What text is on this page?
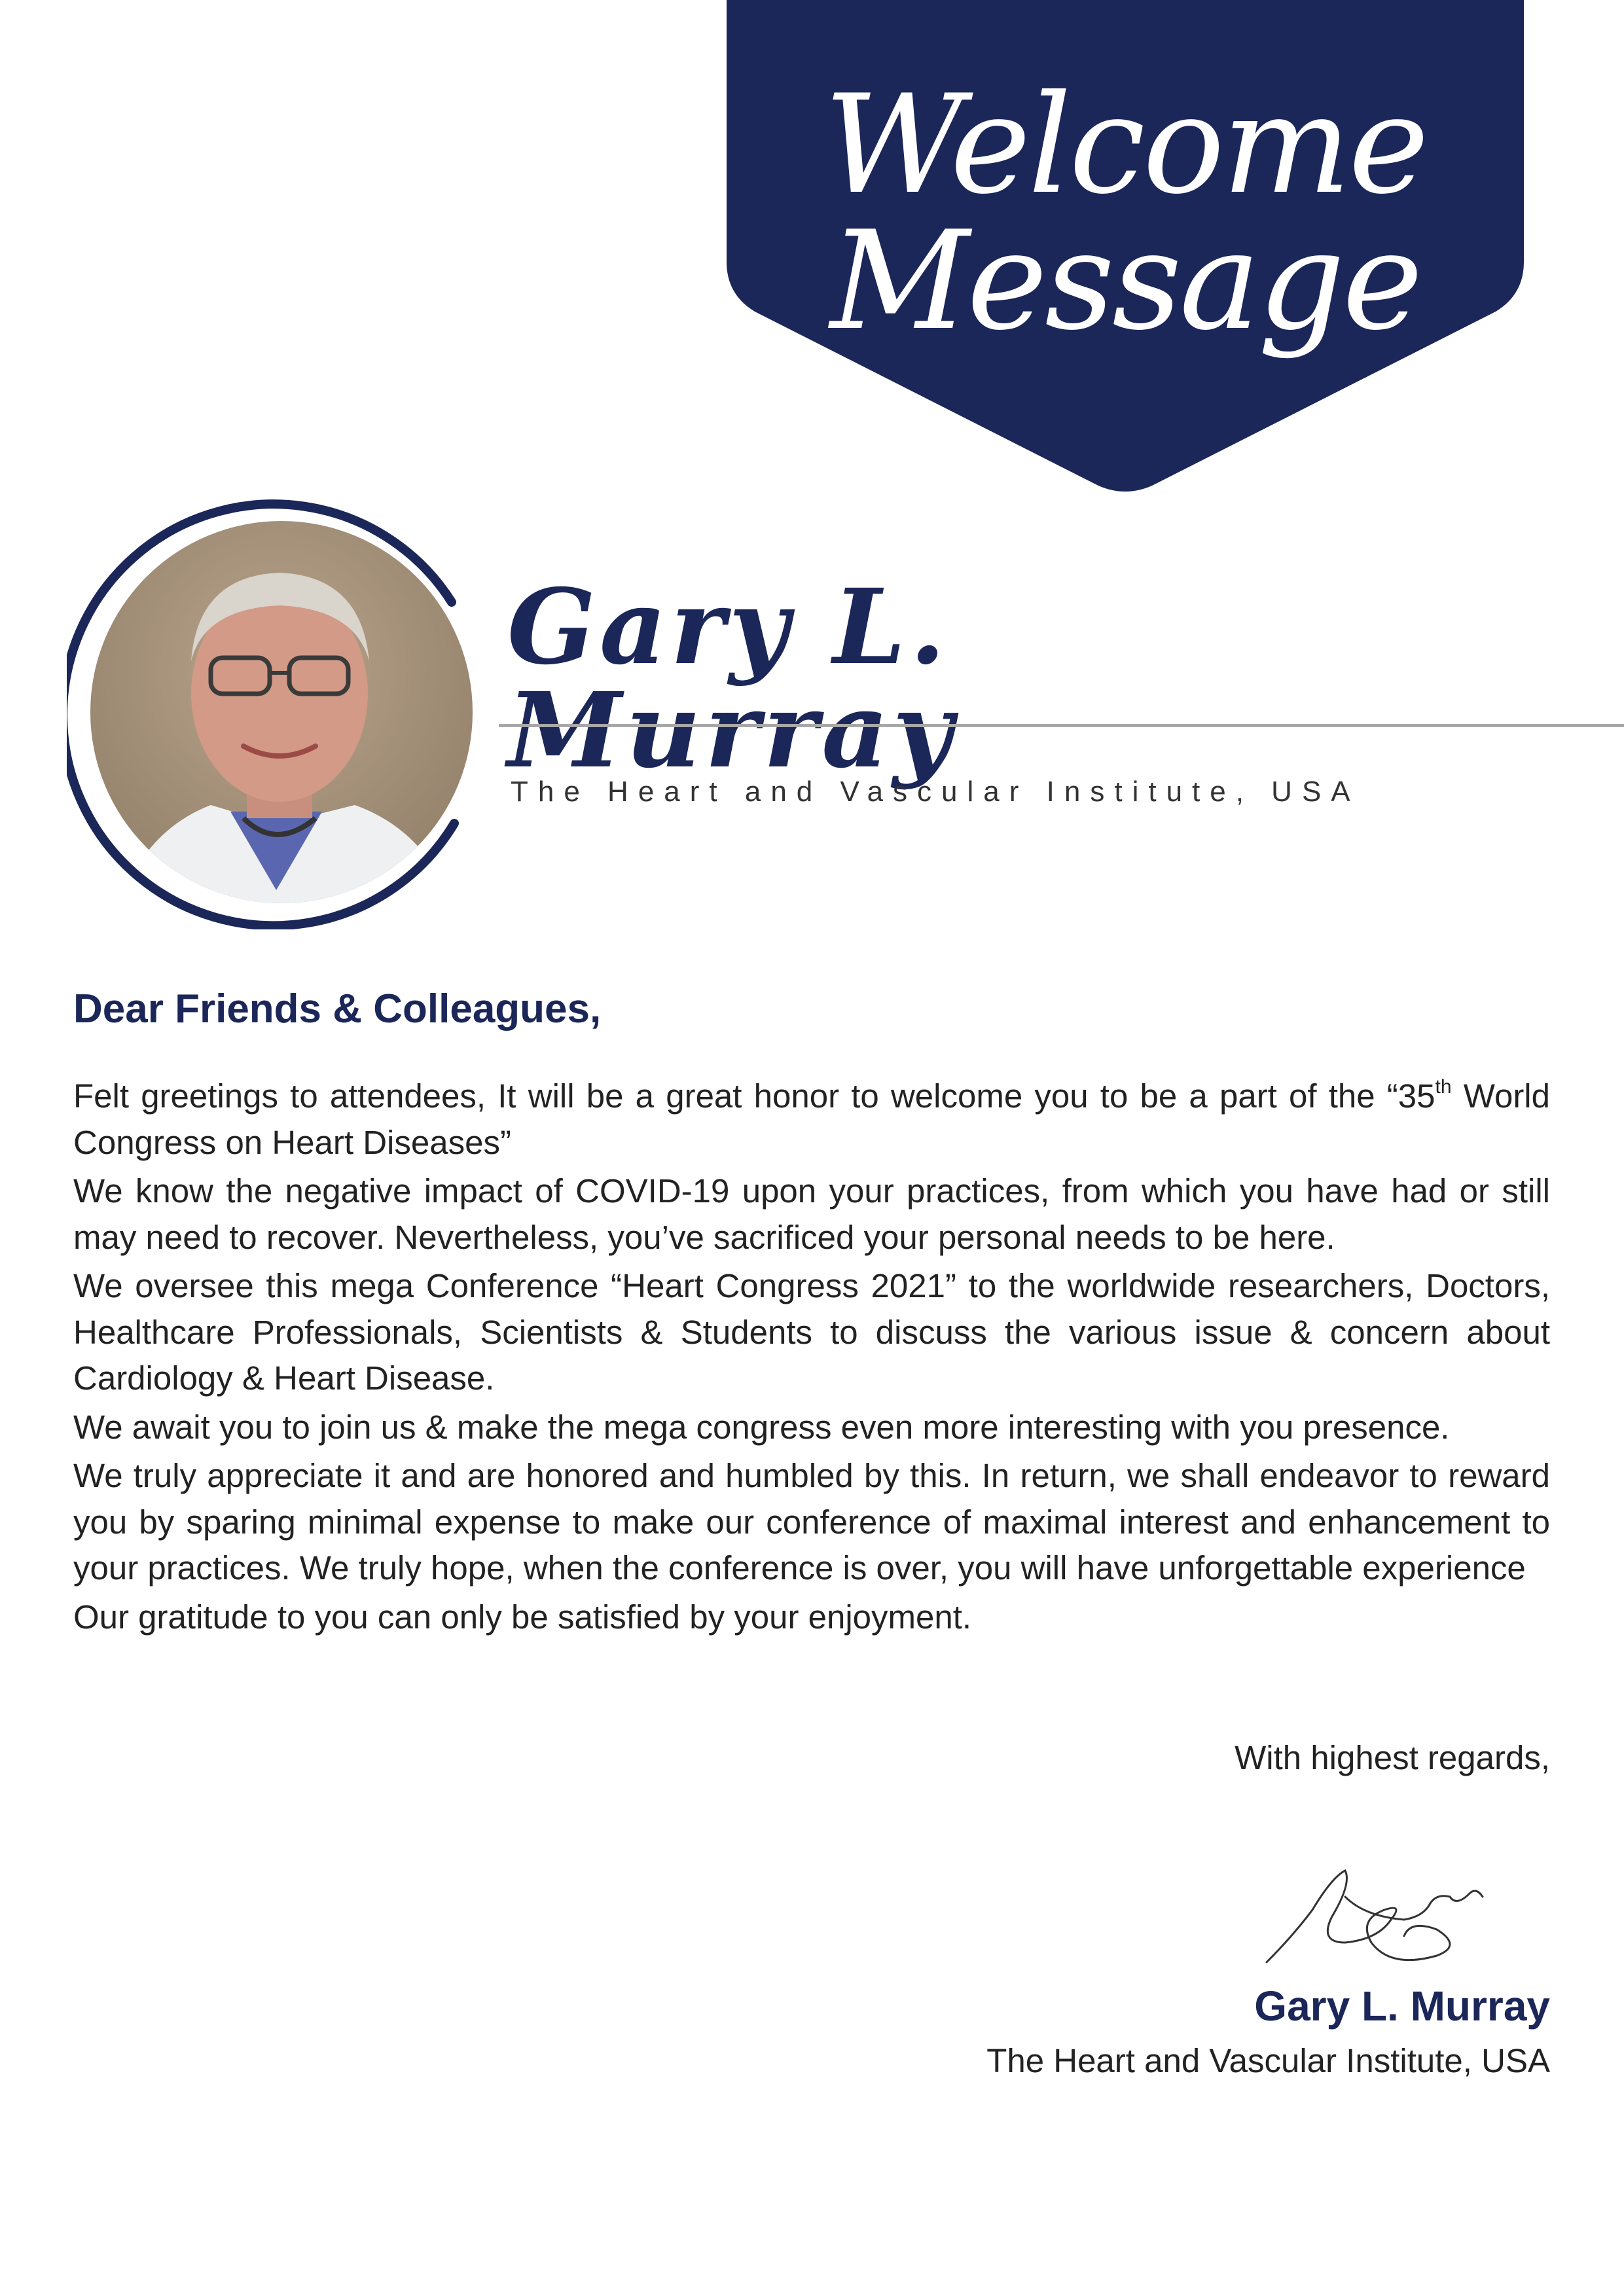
Welcome Message
Gary L. Murray
The Heart and Vascular Institute, USA
Dear Friends & Colleagues,

Felt greetings to attendees, It will be a great honor to welcome you to be a part of the “35th World Congress on Heart Diseases”

We know the negative impact of COVID-19 upon your practices, from which you have had or still may need to recover. Nevertheless, you’ve sacrificed your personal needs to be here.

We oversee this mega Conference “Heart Congress 2021” to the worldwide researchers, Doctors, Healthcare Professionals, Scientists & Students to discuss the various issue & concern about Cardiology & Heart Disease.

We await you to join us & make the mega congress even more interesting with you presence.

We truly appreciate it and are honored and humbled by this. In return, we shall endeavor to reward you by sparing minimal expense to make our conference of maximal interest and enhancement to your practices. We truly hope, when the conference is over, you will have unforgettable experience

Our gratitude to you can only be satisfied by your enjoyment.

With highest regards,
Gary L. Murray
The Heart and Vascular Institute, USA
